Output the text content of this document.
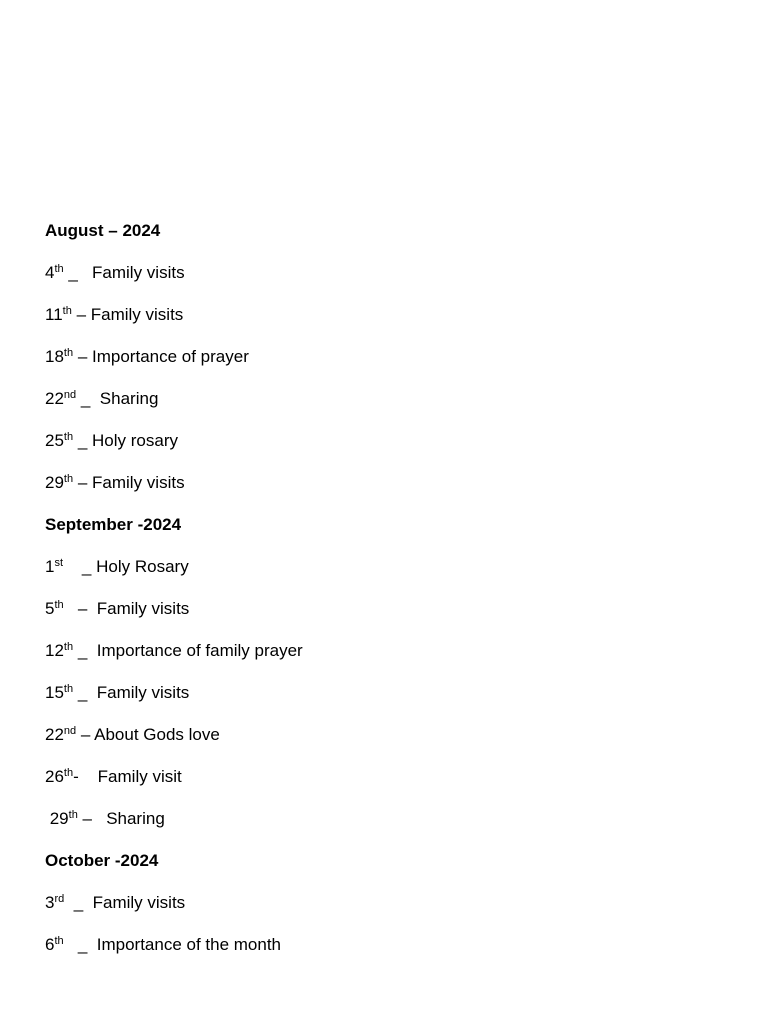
August – 2024
4th _   Family visits
11th – Family visits
18th – Importance of prayer
22nd _  Sharing
25th _ Holy rosary
29th – Family visits
September -2024
1st    _ Holy Rosary
5th   –  Family visits
12th _  Importance of family prayer
15th _  Family visits
22nd – About Gods love
26th-    Family visit
29th –   Sharing
October -2024
3rd  _  Family visits
6th   _  Importance of the month
